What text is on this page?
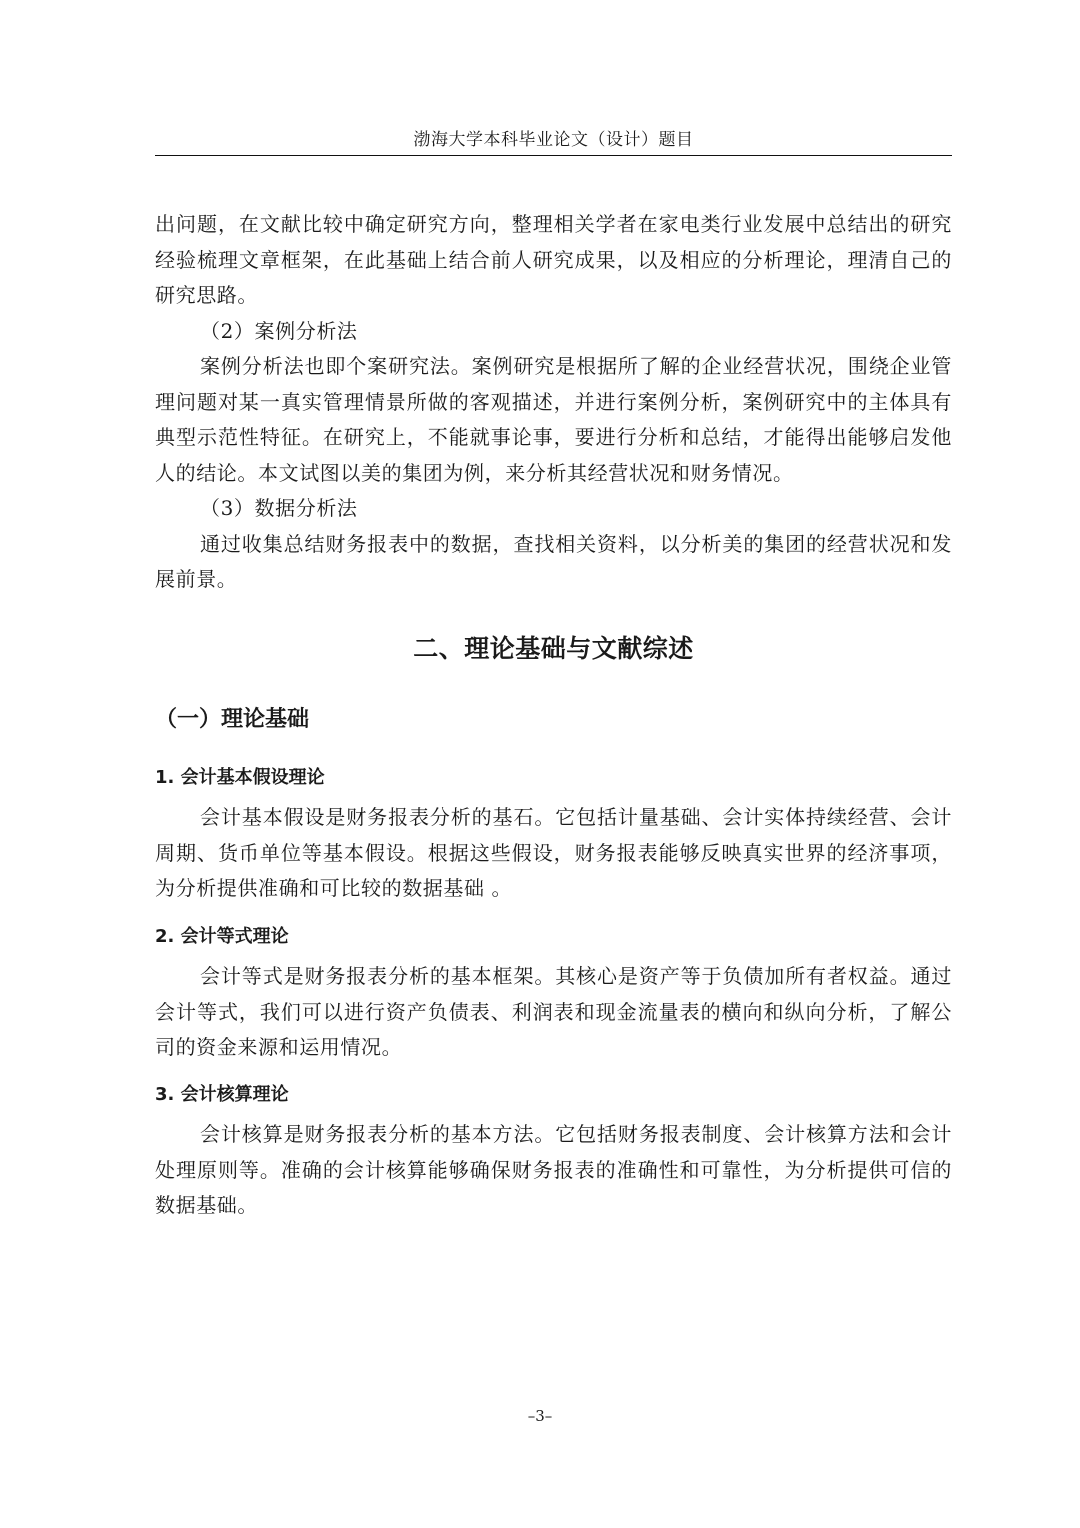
渤海大学本科毕业论文（设计）题目

出问题，在文献比较中确定研究方向，整理相关学者在家电类行业发展中总结出的研究经验梳理文章框架，在此基础上结合前人研究成果，以及相应的分析理论，理清自己的研究思路。

（2）案例分析法

案例分析法也即个案研究法。案例研究是根据所了解的企业经营状况，围绕企业管理问题对某一真实管理情景所做的客观描述，并进行案例分析，案例研究中的主体具有典型示范性特征。在研究上，不能就事论事，要进行分析和总结，才能得出能够启发他人的结论。本文试图以美的集团为例，来分析其经营状况和财务情况。

（3）数据分析法

通过收集总结财务报表中的数据，查找相关资料，以分析美的集团的经营状况和发展前景。

二、理论基础与文献综述
（一）理论基础
1. 会计基本假设理论

会计基本假设是财务报表分析的基石。它包括计量基础、会计实体持续经营、会计周期、货币单位等基本假设。根据这些假设，财务报表能够反映真实世界的经济事项，为分析提供准确和可比较的数据基础 。

2. 会计等式理论

会计等式是财务报表分析的基本框架。其核心是资产等于负债加所有者权益。通过会计等式，我们可以进行资产负债表、利润表和现金流量表的横向和纵向分析，了解公司的资金来源和运用情况。

3. 会计核算理论

会计核算是财务报表分析的基本方法。它包括财务报表制度、会计核算方法和会计处理原则等。准确的会计核算能够确保财务报表的准确性和可靠性，为分析提供可信的数据基础。

–3–
